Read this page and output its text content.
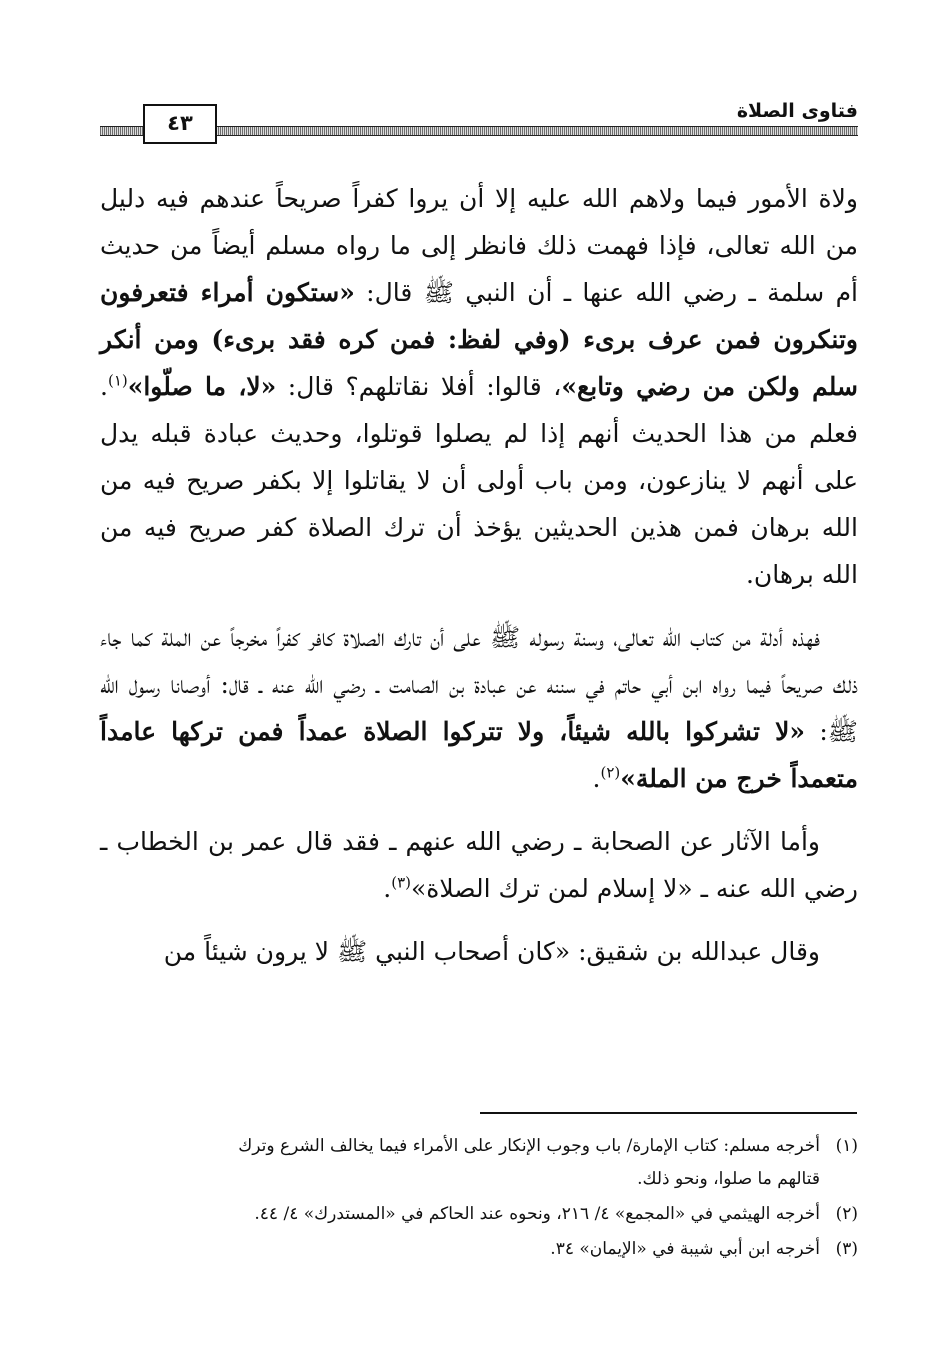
فتاوى الصلاة
٤٣

ولاة الأمور فيما ولاهم الله عليه إلا أن يروا كفراً صريحاً عندهم فيه دليل من الله تعالى، فإذا فهمت ذلك فانظر إلى ما رواه مسلم أيضاً من حديث أم سلمة ـ رضي الله عنها ـ أن النبي ﷺ قال: «ستكون أمراء فتعرفون وتنكرون فمن عرف برىء (وفي لفظ: فمن كره فقد برىء) ومن أنكر سلم ولكن من رضي وتابع»، قالوا: أفلا نقاتلهم؟ قال: «لا، ما صلّوا»$^{(١)}$. فعلم من هذا الحديث أنهم إذا لم يصلوا قوتلوا، وحديث عبادة قبله يدل على أنهم لا ينازعون، ومن باب أولى أن لا يقاتلوا إلا بكفر صريح فيه من الله برهان فمن هذين الحديثين يؤخذ أن ترك الصلاة كفر صريح فيه من الله برهان.

فهذه أدلة من كتاب الله تعالى، وسنة رسوله ﷺ على أن تارك الصلاة كافر كفراً مخرجاً عن الملة كما جاء ذلك صريحاً فيما رواه ابن أبي حاتم في سننه عن عبادة بن الصامت ـ رضي الله عنه ـ قال: أوصانا رسول الله ﷺ: «لا تشركوا بالله شيئاً، ولا تتركوا الصلاة عمداً فمن تركها عامداً متعمداً خرج من الملة»$^{(٢)}$.

وأما الآثار عن الصحابة ـ رضي الله عنهم ـ فقد قال عمر بن الخطاب ـ رضي الله عنه ـ «لا إسلام لمن ترك الصلاة»$^{(٣)}$.

وقال عبدالله بن شقيق: «كان أصحاب النبي ﷺ لا يرون شيئاً من

(١)أخرجه مسلم: كتاب الإمارة/ باب وجوب الإنكار على الأمراء فيما يخالف الشرع وترك

قتالهم ما صلوا، ونحو ذلك.

(٢)أخرجه الهيثمي في «المجمع» ٤/ ٢١٦، ونحوه عند الحاكم في «المستدرك» ٤/ ٤٤.

(٣)أخرجه ابن أبي شيبة في «الإيمان» ٣٤.
